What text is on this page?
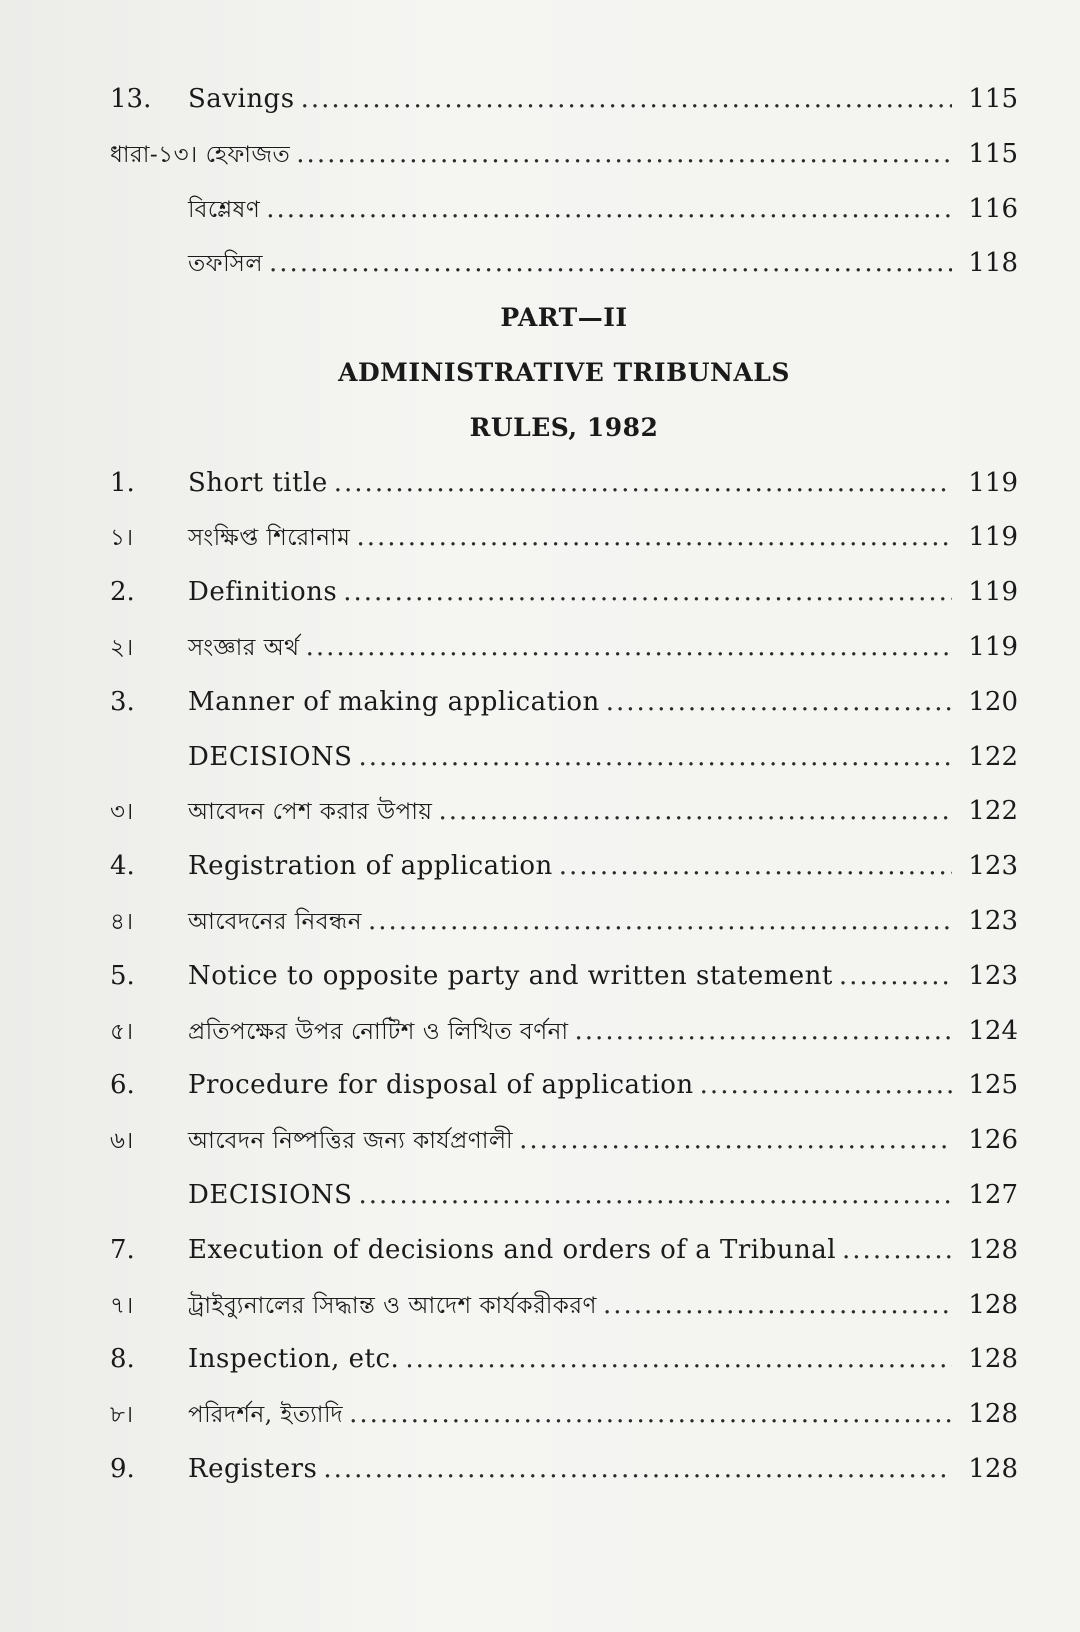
13.	Savings .....	115
ধারা-১৩। হেফাজত .....	115
বিশ্লেষণ .....	116
তফসিল .....	118
PART—II
ADMINISTRATIVE TRIBUNALS
RULES, 1982
1.	Short title .....	119
১।	সংক্ষিপ্ত শিরোনাম .....	119
2.	Definitions .....	119
২।	সংজ্ঞার অর্থ .....	119
3.	Manner of making application .....	120
DECISIONS .....	122
৩।	আবেদন পেশ করার উপায় .....	122
4.	Registration of application .....	123
৪।	আবেদনের নিবন্ধন .....	123
5.	Notice to opposite party and written statement .....	123
৫।	প্রতিপক্ষের উপর নোটিশ ও লিখিত বর্ণনা .....	124
6.	Procedure for disposal of application .....	125
৬।	আবেদন নিষ্পত্তির জন্য কার্যপ্রণালী .....	126
DECISIONS .....	127
7.	Execution of decisions and orders of a Tribunal .....	128
৭।	ট্রাইব্যুনালের সিদ্ধান্ত ও আদেশ কার্যকরীকরণ .....	128
8.	Inspection, etc. .....	128
৮।	পরিদর্শন, ইত্যাদি .....	128
9.	Registers .....	128
